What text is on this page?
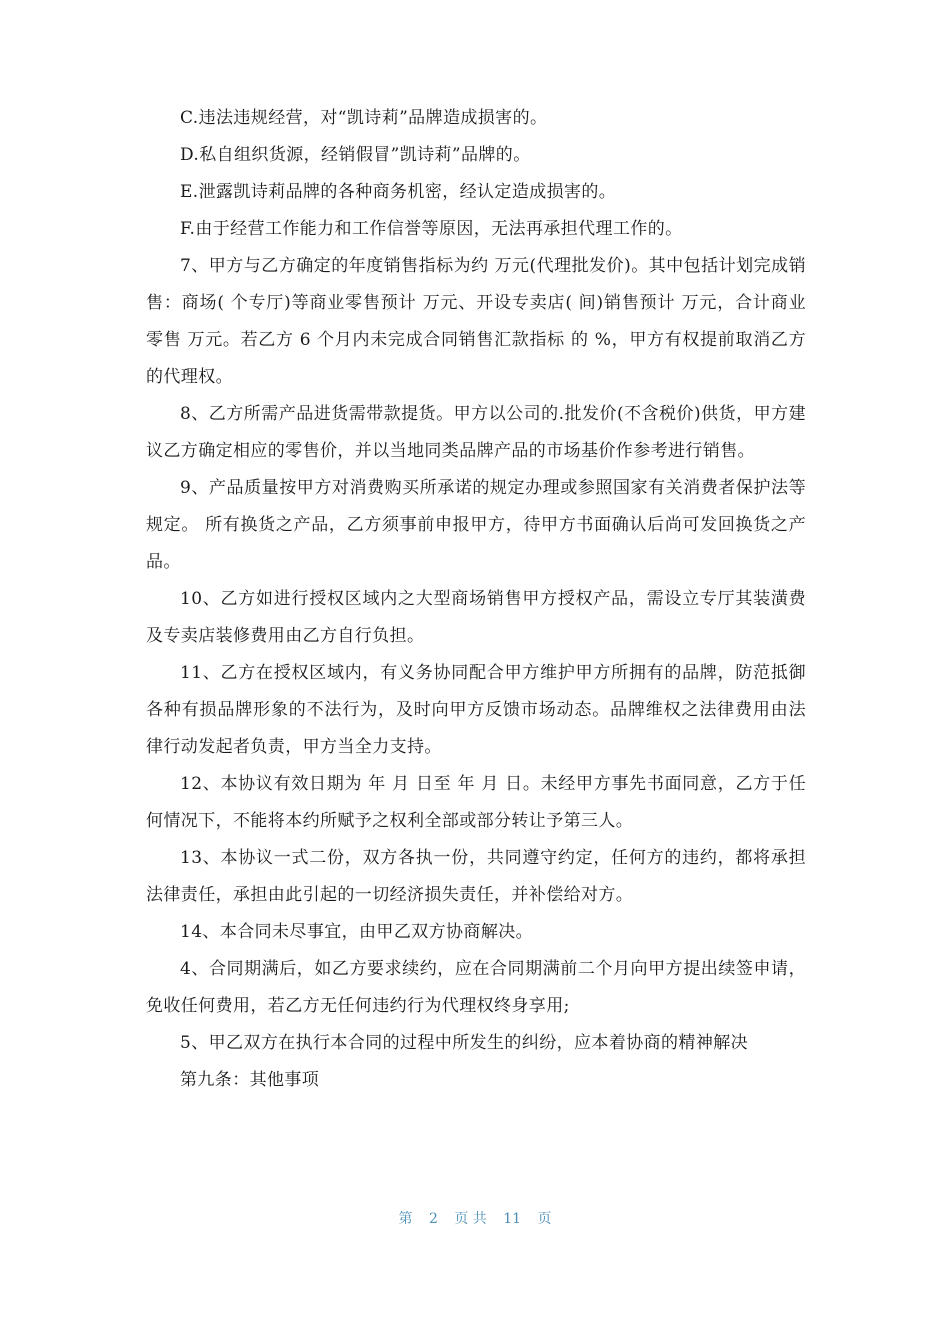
C.违法违规经营，对“凯诗莉”品牌造成损害的。

D.私自组织货源，经销假冒”凯诗莉”品牌的。

E.泄露凯诗莉品牌的各种商务机密，经认定造成损害的。

F.由于经营工作能力和工作信誉等原因，无法再承担代理工作的。

7、甲方与乙方确定的年度销售指标为约 万元(代理批发价)。其中包括计划完成销售：商场( 个专厅)等商业零售预计 万元、开设专卖店( 间)销售预计 万元，合计商业零售 万元。若乙方 6 个月内未完成合同销售汇款指标 的 %，甲方有权提前取消乙方的代理权。

8、乙方所需产品进货需带款提货。甲方以公司的.批发价(不含税价)供货，甲方建议乙方确定相应的零售价，并以当地同类品牌产品的市场基价作参考进行销售。

9、产品质量按甲方对消费购买所承诺的规定办理或参照国家有关消费者保护法等规定。 所有换货之产品，乙方须事前申报甲方，待甲方书面确认后尚可发回换货之产品。

10、乙方如进行授权区域内之大型商场销售甲方授权产品，需设立专厅其装潢费及专卖店装修费用由乙方自行负担。

11、乙方在授权区域内，有义务协同配合甲方维护甲方所拥有的品牌，防范抵御各种有损品牌形象的不法行为，及时向甲方反馈市场动态。品牌维权之法律费用由法律行动发起者负责，甲方当全力支持。

12、本协议有效日期为 年 月 日至 年 月 日。未经甲方事先书面同意，乙方于任何情况下，不能将本约所赋予之权利全部或部分转让予第三人。

13、本协议一式二份，双方各执一份，共同遵守约定，任何方的违约，都将承担法律责任，承担由此引起的一切经济损失责任，并补偿给对方。

14、本合同未尽事宜，由甲乙双方协商解决。

4、合同期满后，如乙方要求续约，应在合同期满前二个月向甲方提出续签申请，免收任何费用，若乙方无任何违约行为代理权终身享用;

5、甲乙双方在执行本合同的过程中所发生的纠纷，应本着协商的精神解决

第九条：其他事项

第 2 页 共 11 页
